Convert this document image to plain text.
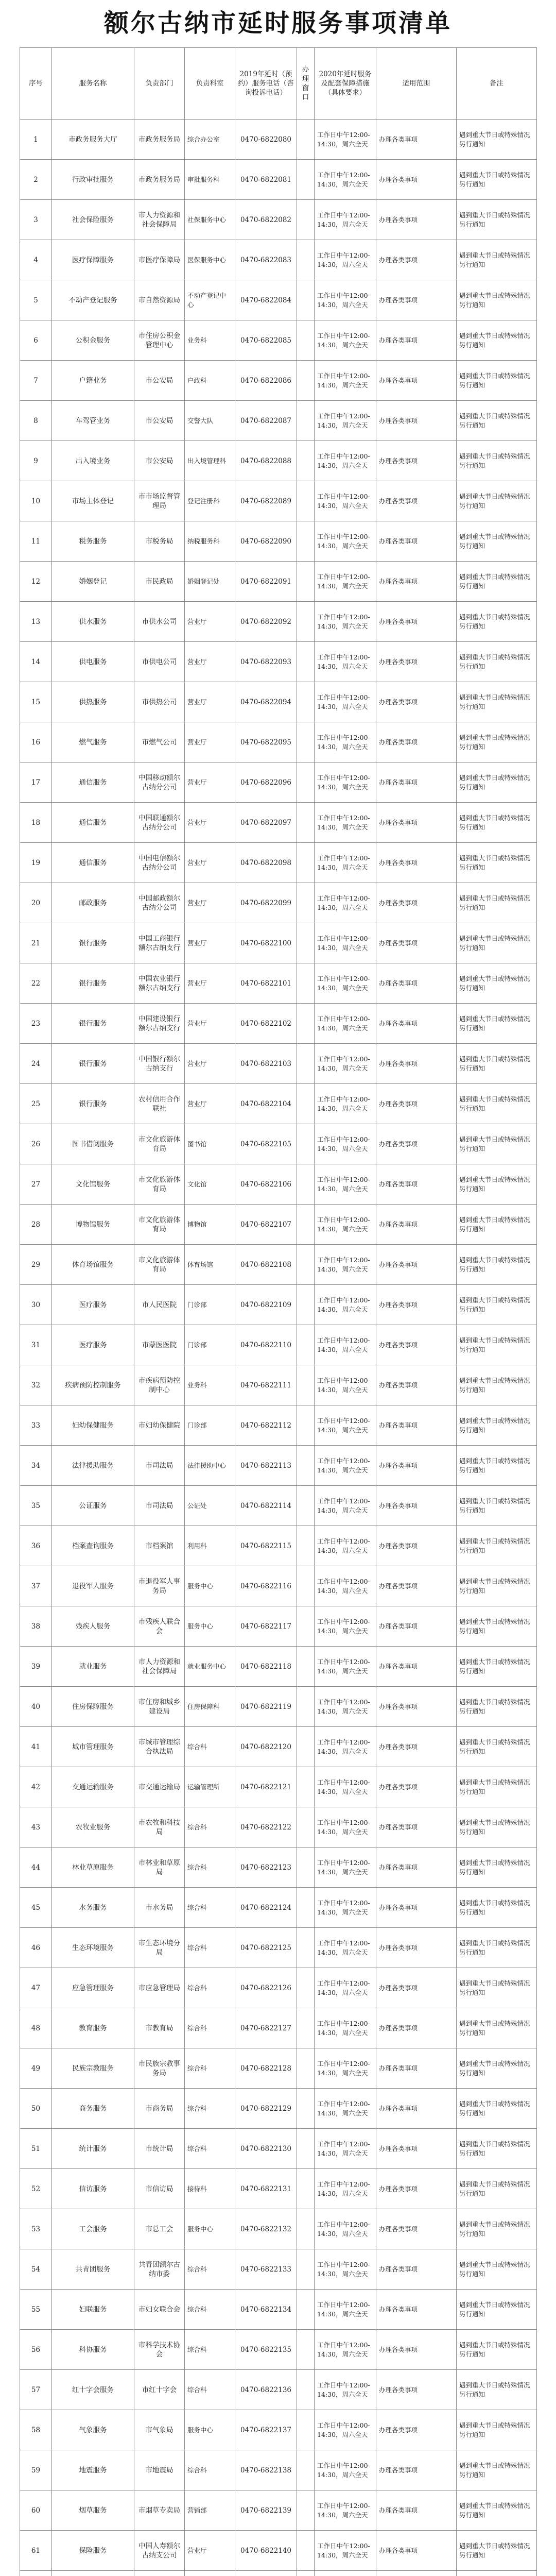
额尔古纳市延时服务事项清单
序号	服务名称	负责部门	负责科室	2019年延时（预约）服务电话（咨询投诉电话）	办理窗口	2020年延时服务及配套保障措施（具体要求）	适用范围	备注
1	市政务服务大厅	市政务服务局	综合办公室	0470-6822080		工作日中午12:00-14:30，周六全天	办理各类事项	遇到重大节日或特殊情况另行通知
2	行政审批服务	市政务服务局	审批服务科	0470-6822081		工作日中午12:00-14:30，周六全天	办理各类事项	遇到重大节日或特殊情况另行通知
3	社会保险服务	市人力资源和社会保障局	社保服务中心	0470-6822082		工作日中午12:00-14:30，周六全天	办理各类事项	遇到重大节日或特殊情况另行通知
4	医疗保障服务	市医疗保障局	医保服务中心	0470-6822083		工作日中午12:00-14:30，周六全天	办理各类事项	遇到重大节日或特殊情况另行通知
5	不动产登记服务	市自然资源局	不动产登记中心	0470-6822084		工作日中午12:00-14:30，周六全天	办理各类事项	遇到重大节日或特殊情况另行通知
6	公积金服务	市住房公积金管理中心	业务科	0470-6822085		工作日中午12:00-14:30，周六全天	办理各类事项	遇到重大节日或特殊情况另行通知
7	户籍业务	市公安局	户政科	0470-6822086		工作日中午12:00-14:30，周六全天	办理各类事项	遇到重大节日或特殊情况另行通知
8	车驾管业务	市公安局	交警大队	0470-6822087		工作日中午12:00-14:30，周六全天	办理各类事项	遇到重大节日或特殊情况另行通知
9	出入境业务	市公安局	出入境管理科	0470-6822088		工作日中午12:00-14:30，周六全天	办理各类事项	遇到重大节日或特殊情况另行通知
10	市场主体登记	市市场监督管理局	登记注册科	0470-6822089		工作日中午12:00-14:30，周六全天	办理各类事项	遇到重大节日或特殊情况另行通知
11	税务服务	市税务局	纳税服务科	0470-6822090		工作日中午12:00-14:30，周六全天	办理各类事项	遇到重大节日或特殊情况另行通知
12	婚姻登记	市民政局	婚姻登记处	0470-6822091		工作日中午12:00-14:30，周六全天	办理各类事项	遇到重大节日或特殊情况另行通知
13	供水服务	市供水公司	营业厅	0470-6822092		工作日中午12:00-14:30，周六全天	办理各类事项	遇到重大节日或特殊情况另行通知
14	供电服务	市供电公司	营业厅	0470-6822093		工作日中午12:00-14:30，周六全天	办理各类事项	遇到重大节日或特殊情况另行通知
15	供热服务	市供热公司	营业厅	0470-6822094		工作日中午12:00-14:30，周六全天	办理各类事项	遇到重大节日或特殊情况另行通知
16	燃气服务	市燃气公司	营业厅	0470-6822095		工作日中午12:00-14:30，周六全天	办理各类事项	遇到重大节日或特殊情况另行通知
17	通信服务	中国移动额尔古纳分公司	营业厅	0470-6822096		工作日中午12:00-14:30，周六全天	办理各类事项	遇到重大节日或特殊情况另行通知
18	通信服务	中国联通额尔古纳分公司	营业厅	0470-6822097		工作日中午12:00-14:30，周六全天	办理各类事项	遇到重大节日或特殊情况另行通知
19	通信服务	中国电信额尔古纳分公司	营业厅	0470-6822098		工作日中午12:00-14:30，周六全天	办理各类事项	遇到重大节日或特殊情况另行通知
20	邮政服务	中国邮政额尔古纳分公司	营业厅	0470-6822099		工作日中午12:00-14:30，周六全天	办理各类事项	遇到重大节日或特殊情况另行通知
21	银行服务	中国工商银行额尔古纳支行	营业厅	0470-6822100		工作日中午12:00-14:30，周六全天	办理各类事项	遇到重大节日或特殊情况另行通知
22	银行服务	中国农业银行额尔古纳支行	营业厅	0470-6822101		工作日中午12:00-14:30，周六全天	办理各类事项	遇到重大节日或特殊情况另行通知
23	银行服务	中国建设银行额尔古纳支行	营业厅	0470-6822102		工作日中午12:00-14:30，周六全天	办理各类事项	遇到重大节日或特殊情况另行通知
24	银行服务	中国银行额尔古纳支行	营业厅	0470-6822103		工作日中午12:00-14:30，周六全天	办理各类事项	遇到重大节日或特殊情况另行通知
25	银行服务	农村信用合作联社	营业厅	0470-6822104		工作日中午12:00-14:30，周六全天	办理各类事项	遇到重大节日或特殊情况另行通知
26	图书借阅服务	市文化旅游体育局	图书馆	0470-6822105		工作日中午12:00-14:30，周六全天	办理各类事项	遇到重大节日或特殊情况另行通知
27	文化馆服务	市文化旅游体育局	文化馆	0470-6822106		工作日中午12:00-14:30，周六全天	办理各类事项	遇到重大节日或特殊情况另行通知
28	博物馆服务	市文化旅游体育局	博物馆	0470-6822107		工作日中午12:00-14:30，周六全天	办理各类事项	遇到重大节日或特殊情况另行通知
29	体育场馆服务	市文化旅游体育局	体育场馆	0470-6822108		工作日中午12:00-14:30，周六全天	办理各类事项	遇到重大节日或特殊情况另行通知
30	医疗服务	市人民医院	门诊部	0470-6822109		工作日中午12:00-14:30，周六全天	办理各类事项	遇到重大节日或特殊情况另行通知
31	医疗服务	市蒙医医院	门诊部	0470-6822110		工作日中午12:00-14:30，周六全天	办理各类事项	遇到重大节日或特殊情况另行通知
32	疾病预防控制服务	市疾病预防控制中心	业务科	0470-6822111		工作日中午12:00-14:30，周六全天	办理各类事项	遇到重大节日或特殊情况另行通知
33	妇幼保健服务	市妇幼保健院	门诊部	0470-6822112		工作日中午12:00-14:30，周六全天	办理各类事项	遇到重大节日或特殊情况另行通知
34	法律援助服务	市司法局	法律援助中心	0470-6822113		工作日中午12:00-14:30，周六全天	办理各类事项	遇到重大节日或特殊情况另行通知
35	公证服务	市司法局	公证处	0470-6822114		工作日中午12:00-14:30，周六全天	办理各类事项	遇到重大节日或特殊情况另行通知
36	档案查询服务	市档案馆	利用科	0470-6822115		工作日中午12:00-14:30，周六全天	办理各类事项	遇到重大节日或特殊情况另行通知
37	退役军人服务	市退役军人事务局	服务中心	0470-6822116		工作日中午12:00-14:30，周六全天	办理各类事项	遇到重大节日或特殊情况另行通知
38	残疾人服务	市残疾人联合会	服务中心	0470-6822117		工作日中午12:00-14:30，周六全天	办理各类事项	遇到重大节日或特殊情况另行通知
39	就业服务	市人力资源和社会保障局	就业服务中心	0470-6822118		工作日中午12:00-14:30，周六全天	办理各类事项	遇到重大节日或特殊情况另行通知
40	住房保障服务	市住房和城乡建设局	住房保障科	0470-6822119		工作日中午12:00-14:30，周六全天	办理各类事项	遇到重大节日或特殊情况另行通知
41	城市管理服务	市城市管理综合执法局	综合科	0470-6822120		工作日中午12:00-14:30，周六全天	办理各类事项	遇到重大节日或特殊情况另行通知
42	交通运输服务	市交通运输局	运输管理所	0470-6822121		工作日中午12:00-14:30，周六全天	办理各类事项	遇到重大节日或特殊情况另行通知
43	农牧业服务	市农牧和科技局	综合科	0470-6822122		工作日中午12:00-14:30，周六全天	办理各类事项	遇到重大节日或特殊情况另行通知
44	林业草原服务	市林业和草原局	综合科	0470-6822123		工作日中午12:00-14:30，周六全天	办理各类事项	遇到重大节日或特殊情况另行通知
45	水务服务	市水务局	综合科	0470-6822124		工作日中午12:00-14:30，周六全天	办理各类事项	遇到重大节日或特殊情况另行通知
46	生态环境服务	市生态环境分局	综合科	0470-6822125		工作日中午12:00-14:30，周六全天	办理各类事项	遇到重大节日或特殊情况另行通知
47	应急管理服务	市应急管理局	综合科	0470-6822126		工作日中午12:00-14:30，周六全天	办理各类事项	遇到重大节日或特殊情况另行通知
48	教育服务	市教育局	综合科	0470-6822127		工作日中午12:00-14:30，周六全天	办理各类事项	遇到重大节日或特殊情况另行通知
49	民族宗教服务	市民族宗教事务局	综合科	0470-6822128		工作日中午12:00-14:30，周六全天	办理各类事项	遇到重大节日或特殊情况另行通知
50	商务服务	市商务局	综合科	0470-6822129		工作日中午12:00-14:30，周六全天	办理各类事项	遇到重大节日或特殊情况另行通知
51	统计服务	市统计局	综合科	0470-6822130		工作日中午12:00-14:30，周六全天	办理各类事项	遇到重大节日或特殊情况另行通知
52	信访服务	市信访局	接待科	0470-6822131		工作日中午12:00-14:30，周六全天	办理各类事项	遇到重大节日或特殊情况另行通知
53	工会服务	市总工会	服务中心	0470-6822132		工作日中午12:00-14:30，周六全天	办理各类事项	遇到重大节日或特殊情况另行通知
54	共青团服务	共青团额尔古纳市委	综合科	0470-6822133		工作日中午12:00-14:30，周六全天	办理各类事项	遇到重大节日或特殊情况另行通知
55	妇联服务	市妇女联合会	综合科	0470-6822134		工作日中午12:00-14:30，周六全天	办理各类事项	遇到重大节日或特殊情况另行通知
56	科协服务	市科学技术协会	综合科	0470-6822135		工作日中午12:00-14:30，周六全天	办理各类事项	遇到重大节日或特殊情况另行通知
57	红十字会服务	市红十字会	综合科	0470-6822136		工作日中午12:00-14:30，周六全天	办理各类事项	遇到重大节日或特殊情况另行通知
58	气象服务	市气象局	服务中心	0470-6822137		工作日中午12:00-14:30，周六全天	办理各类事项	遇到重大节日或特殊情况另行通知
59	地震服务	市地震局	综合科	0470-6822138		工作日中午12:00-14:30，周六全天	办理各类事项	遇到重大节日或特殊情况另行通知
60	烟草服务	市烟草专卖局	营销部	0470-6822139		工作日中午12:00-14:30，周六全天	办理各类事项	遇到重大节日或特殊情况另行通知
61	保险服务	中国人寿额尔古纳支公司	营业厅	0470-6822140		工作日中午12:00-14:30，周六全天	办理各类事项	遇到重大节日或特殊情况另行通知
